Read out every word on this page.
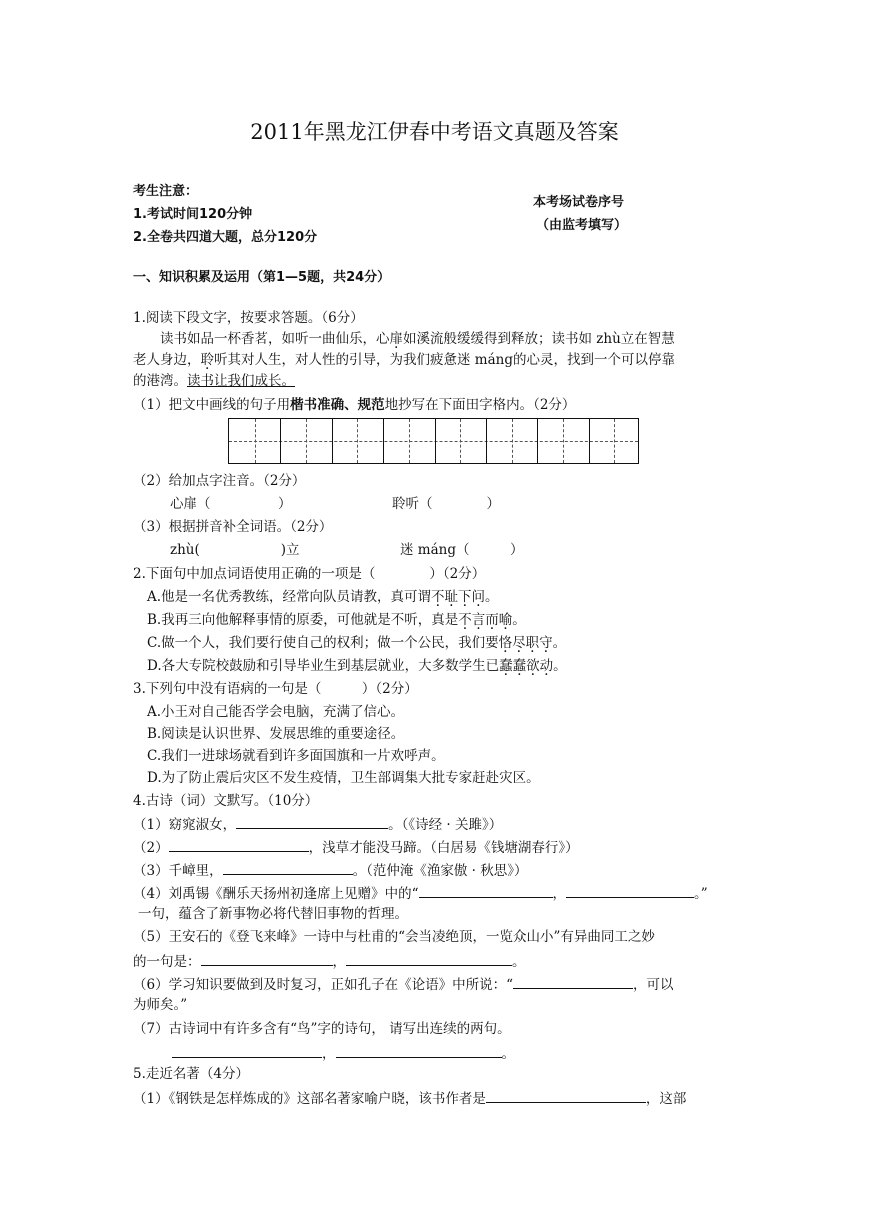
2011年黑龙江伊春中考语文真题及答案
考生注意：
1.考试时间120分钟
2.全卷共四道大题，总分120分
本考场试卷序号
（由监考填写）
一、知识积累及运用（第1—5题，共24分）
1.阅读下段文字，按要求答题。（6分）
读书如品一杯香茗，如听一曲仙乐，心扉如溪流般缓缓得到释放；读书如 zhù立在智慧
老人身边，聆听其对人生，对人性的引导，为我们疲惫迷 máng的心灵，找到一个可以停靠
的港湾。读书让我们成长。
（1）把文中画线的句子用楷书准确、规范地抄写在下面田字格内。（2分）
（2）给加点字注音。（2分）
心扉（　　　　　）	聆听（　　　　）
（3）根据拼音补全词语。（2分）
zhù(　　　　　　)立	迷 máng（　　　）
2.下面句中加点词语使用正确的一项是（　　　　）（2分）
A.他是一名优秀教练，经常向队员请教，真可谓不耻下问。
B.我再三向他解释事情的原委，可他就是不听，真是不言而喻。
C.做一个人，我们要行使自己的权利；做一个公民，我们要恪尽职守。
D.各大专院校鼓励和引导毕业生到基层就业，大多数学生已蠢蠢欲动。
3.下列句中没有语病的一句是（　　　）（2分）
A.小王对自己能否学会电脑，充满了信心。
B.阅读是认识世界、发展思维的重要途径。
C.我们一进球场就看到许多面国旗和一片欢呼声。
D.为了防止震后灾区不发生疫情，卫生部调集大批专家赶赴灾区。
4.古诗（词）文默写。（10分）
（1）窈窕淑女，	。（《诗经 · 关雎》）
（2）	，浅草才能没马蹄。（白居易《钱塘湖春行》）
（3）千嶂里，	。（范仲淹《渔家傲 · 秋思》）
（4）刘禹锡《酬乐天扬州初逢席上见赠》中的“	，	。”
一句，蕴含了新事物必将代替旧事物的哲理。
（5）王安石的《登飞来峰》一诗中与杜甫的“会当凌绝顶，一览众山小”有异曲同工之妙
的一句是：	，	。
（6）学习知识要做到及时复习，正如孔子在《论语》中所说：“	，可以
为师矣。”
（7）古诗词中有许多含有“鸟”字的诗句， 请写出连续的两句。
，	。
5.走近名著（4分）
（1）《钢铁是怎样炼成的》这部名著家喻户晓，该书作者是	，这部
